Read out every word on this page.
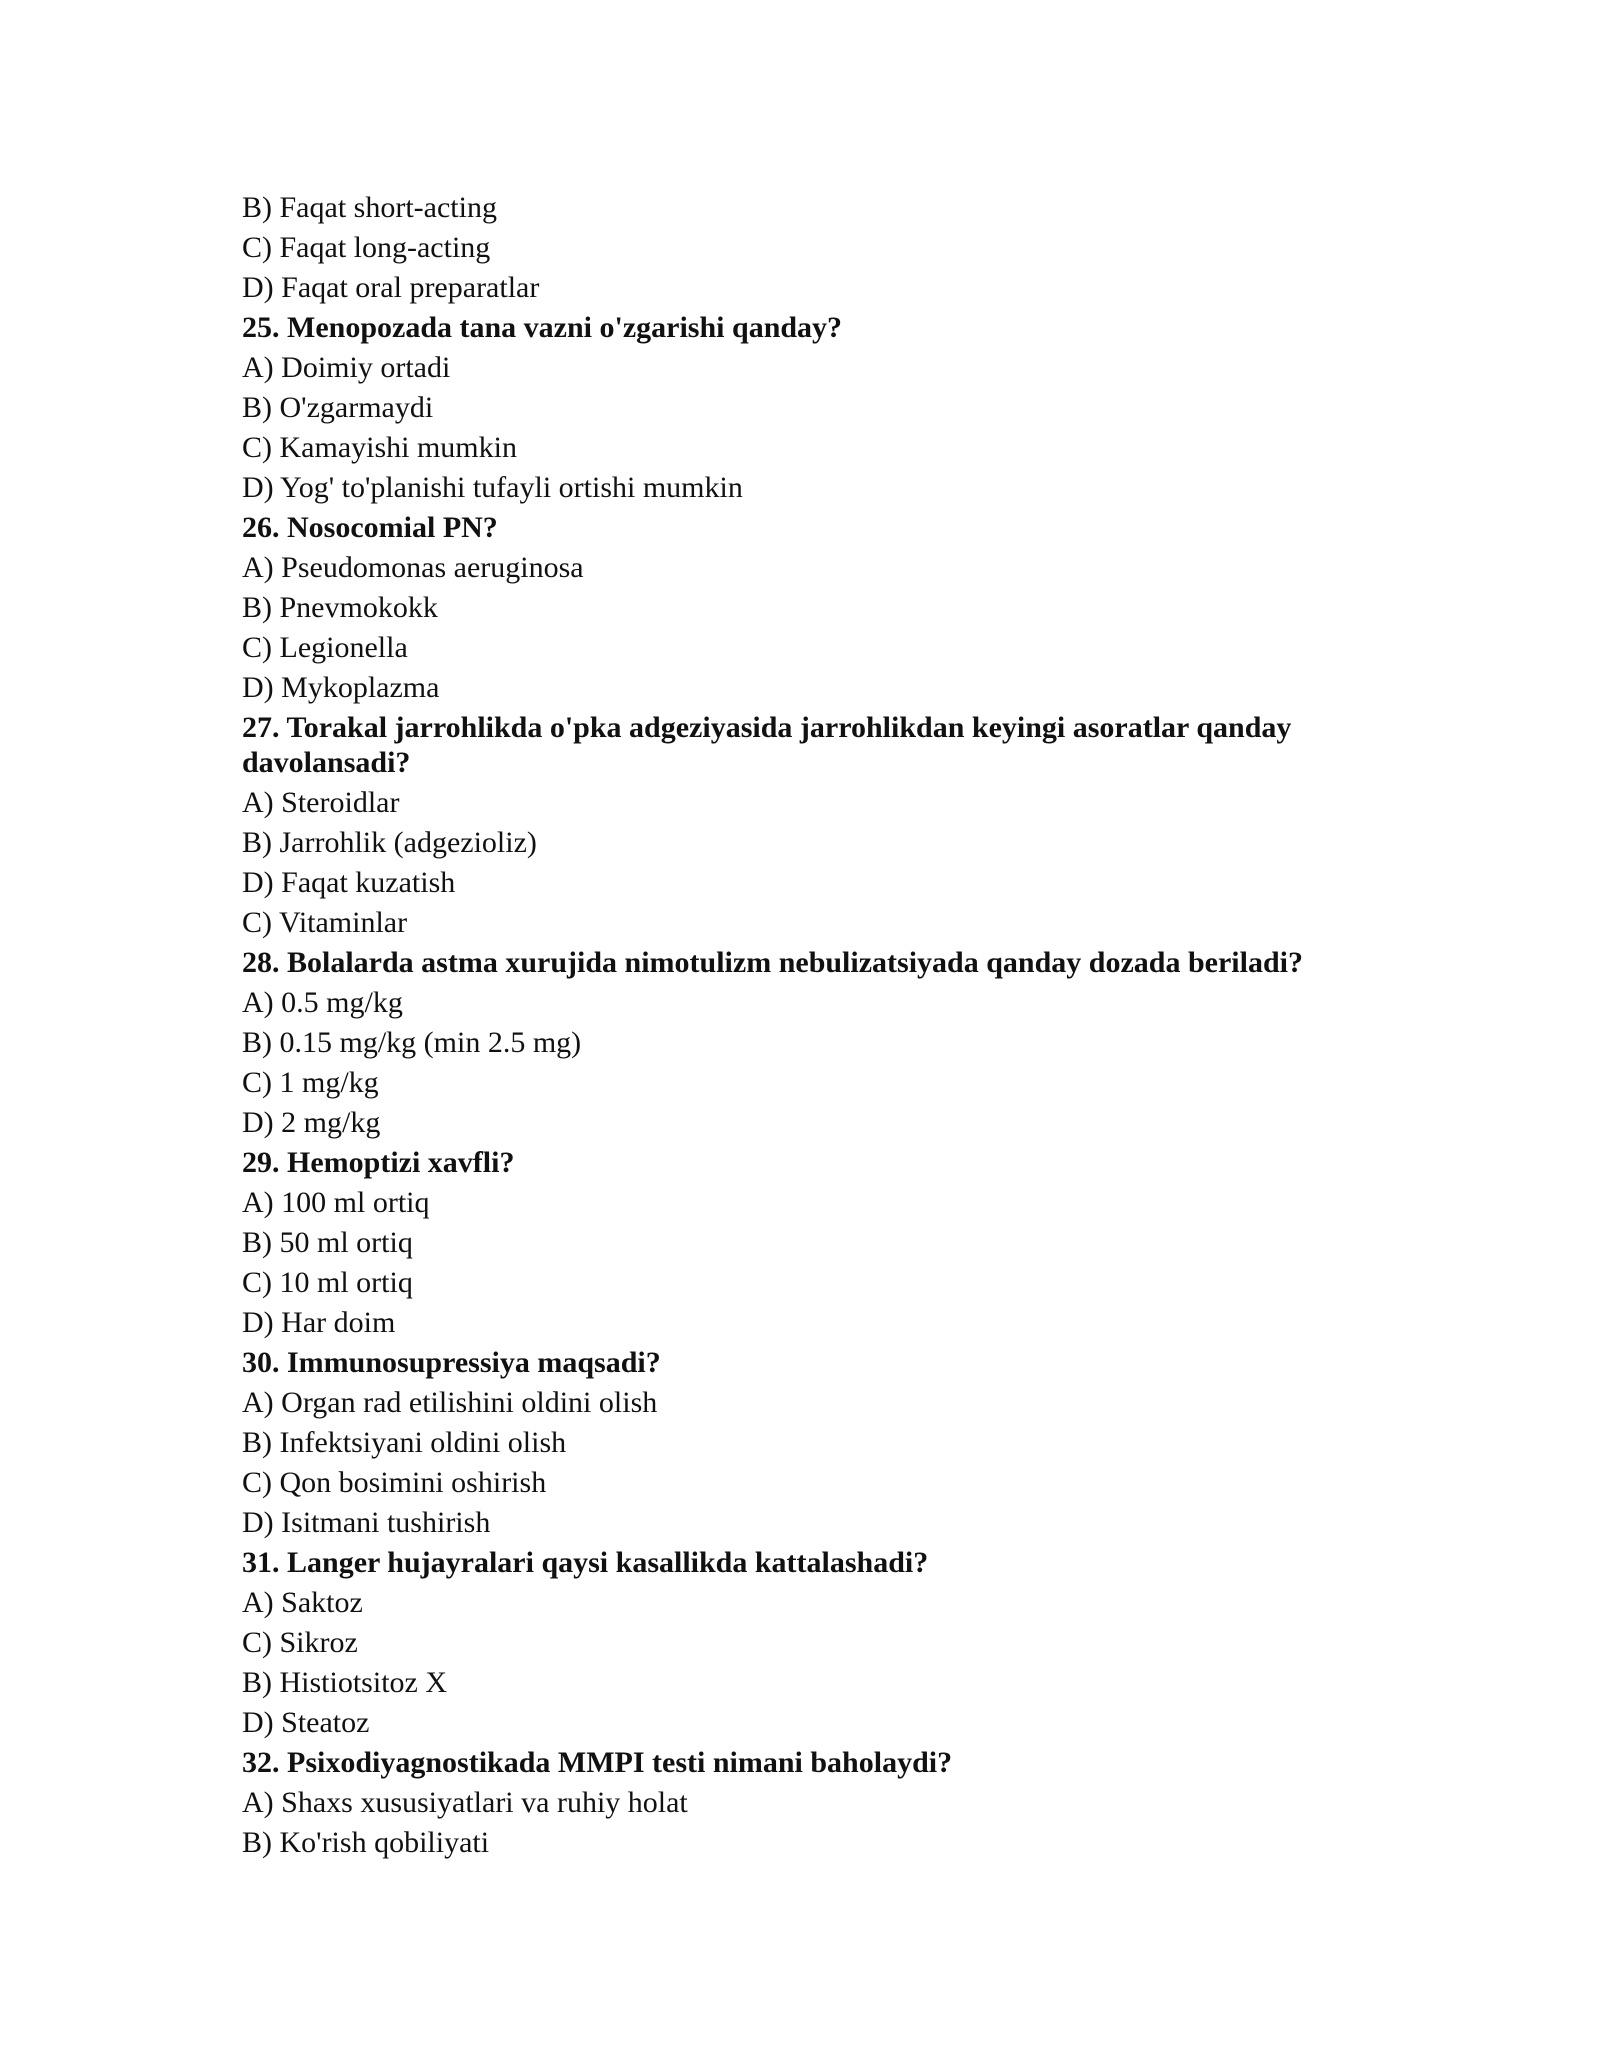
B) Faqat short-acting
C) Faqat long-acting
D) Faqat oral preparatlar
25. Menopozada tana vazni o'zgarishi qanday?
A) Doimiy ortadi
B) O'zgarmaydi
C) Kamayishi mumkin
D) Yog' to'planishi tufayli ortishi mumkin
26. Nosocomial PN?
A) Pseudomonas aeruginosa
B) Pnevmokokk
C) Legionella
D) Mykoplazma
27. Torakal jarrohlikda o'pka adgeziyasida jarrohlikdan keyingi asoratlar qanday davolansadi?
A) Steroidlar
B) Jarrohlik (adgezioliz)
D) Faqat kuzatish
C) Vitaminlar
28. Bolalarda astma xurujida nimotulizm nebulizatsiyada qanday dozada beriladi?
A) 0.5 mg/kg
B) 0.15 mg/kg (min 2.5 mg)
C) 1 mg/kg
D) 2 mg/kg
29. Hemoptizi xavfli?
A) 100 ml ortiq
B) 50 ml ortiq
C) 10 ml ortiq
D) Har doim
30. Immunosupressiya maqsadi?
A) Organ rad etilishini oldini olish
B) Infektsiyani oldini olish
C) Qon bosimini oshirish
D) Isitmani tushirish
31. Langer hujayralari qaysi kasallikda kattalashadi?
A) Saktoz
C) Sikroz
B) Histiotsitoz X
D) Steatoz
32. Psixodiyagnostikada MMPI testi nimani baholaydi?
A) Shaxs xususiyatlari va ruhiy holat
B) Ko'rish qobiliyati
